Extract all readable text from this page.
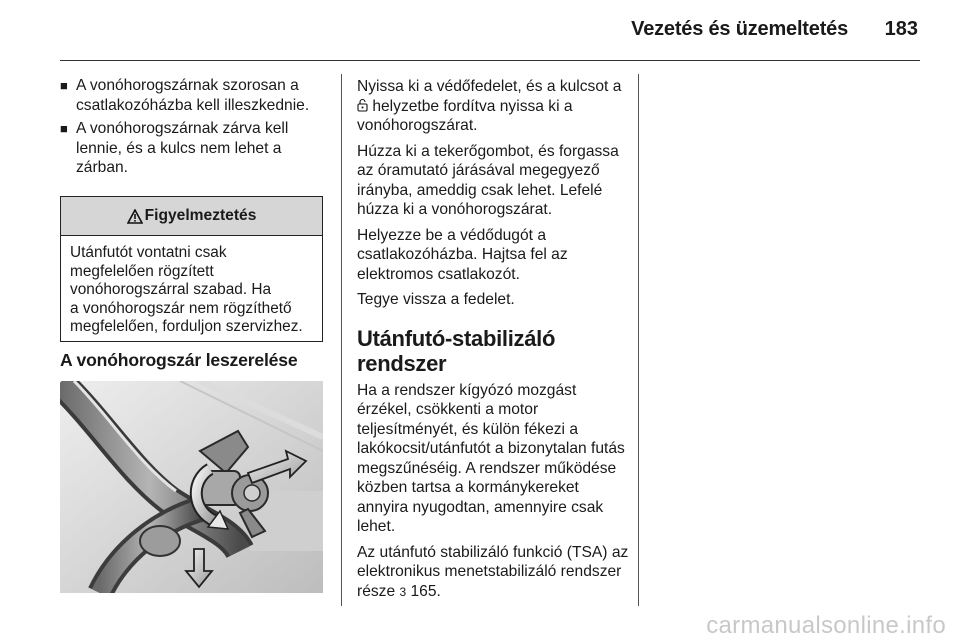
Vezetés és üzemeltetés 183
■ A vonóhorogszárnak szorosan a csatlakozóházba kell illeszkednie.
■ A vonóhorogszárnak zárva kell lennie, és a kulcs nem lehet a zárban.
Figyelmeztetés
Utánfutót vontatni csak
megfelelően rögzített
vonóhorogszárral szabad. Ha
a vonóhorogszár nem rögzíthető
megfelelően, forduljon szervizhez.
A vonóhorogszár leszerelése

Nyissa ki a védőfedelet, és a kulcsot a  helyzetbe fordítva nyissa ki a vonóhorogszárat.

Húzza ki a tekerőgombot, és forgassa az óramutató járásával megegyező irányba, ameddig csak lehet. Lefelé húzza ki a vonóhorogszárat.

Helyezze be a védődugót a csatlakozóházba. Hajtsa fel az elektromos csatlakozót.

Tegye vissza a fedelet.

Utánfutó-stabilizáló rendszer

Ha a rendszer kígyózó mozgást érzékel, csökkenti a motor teljesítményét, és külön fékezi a lakókocsit/utánfutót a bizonytalan futás megszűnéséig. A rendszer működése közben tartsa a kormánykereket annyira nyugodtan, amennyire csak lehet.

Az utánfutó stabilizáló funkció (TSA) az elektronikus menetstabilizáló rendszer része 3 165.

carmanualsonline.info
